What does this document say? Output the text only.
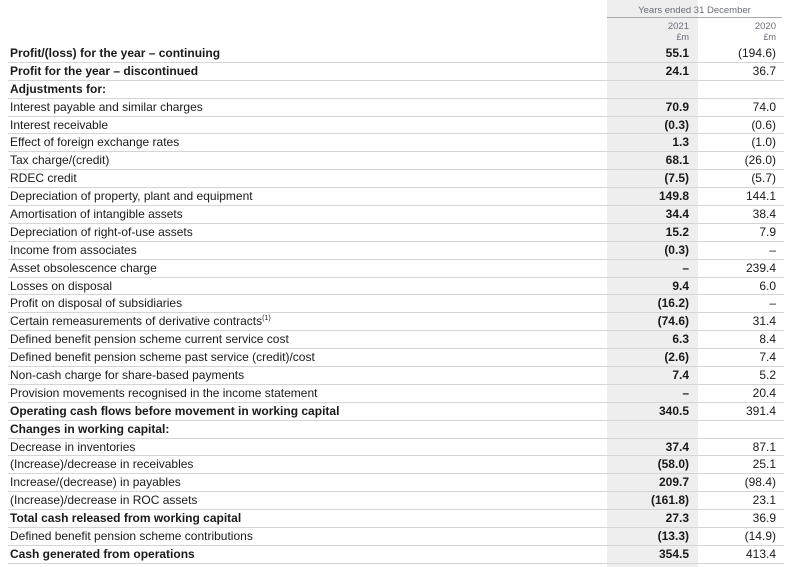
Years ended 31 December
2021	2020
£m	£m
Profit/(loss) for the year – continuing	55.1	(194.6)
Profit for the year – discontinued	24.1	36.7
Adjustments for:
Interest payable and similar charges	70.9	74.0
Interest receivable	(0.3)	(0.6)
Effect of foreign exchange rates	1.3	(1.0)
Tax charge/(credit)	68.1	(26.0)
RDEC credit	(7.5)	(5.7)
Depreciation of property, plant and equipment	149.8	144.1
Amortisation of intangible assets	34.4	38.4
Depreciation of right-of-use assets	15.2	7.9
Income from associates	(0.3)	–
Asset obsolescence charge	–	239.4
Losses on disposal	9.4	6.0
Profit on disposal of subsidiaries	(16.2)	–
Certain remeasurements of derivative contracts$^{(1)}$	(74.6)	31.4
Defined benefit pension scheme current service cost	6.3	8.4
Defined benefit pension scheme past service (credit)/cost	(2.6)	7.4
Non-cash charge for share-based payments	7.4	5.2
Provision movements recognised in the income statement	–	20.4
Operating cash flows before movement in working capital	340.5	391.4
Changes in working capital:
Decrease in inventories	37.4	87.1
(Increase)/decrease in receivables	(58.0)	25.1
Increase/(decrease) in payables	209.7	(98.4)
(Increase)/decrease in ROC assets	(161.8)	23.1
Total cash released from working capital	27.3	36.9
Defined benefit pension scheme contributions	(13.3)	(14.9)
Cash generated from operations	354.5	413.4
